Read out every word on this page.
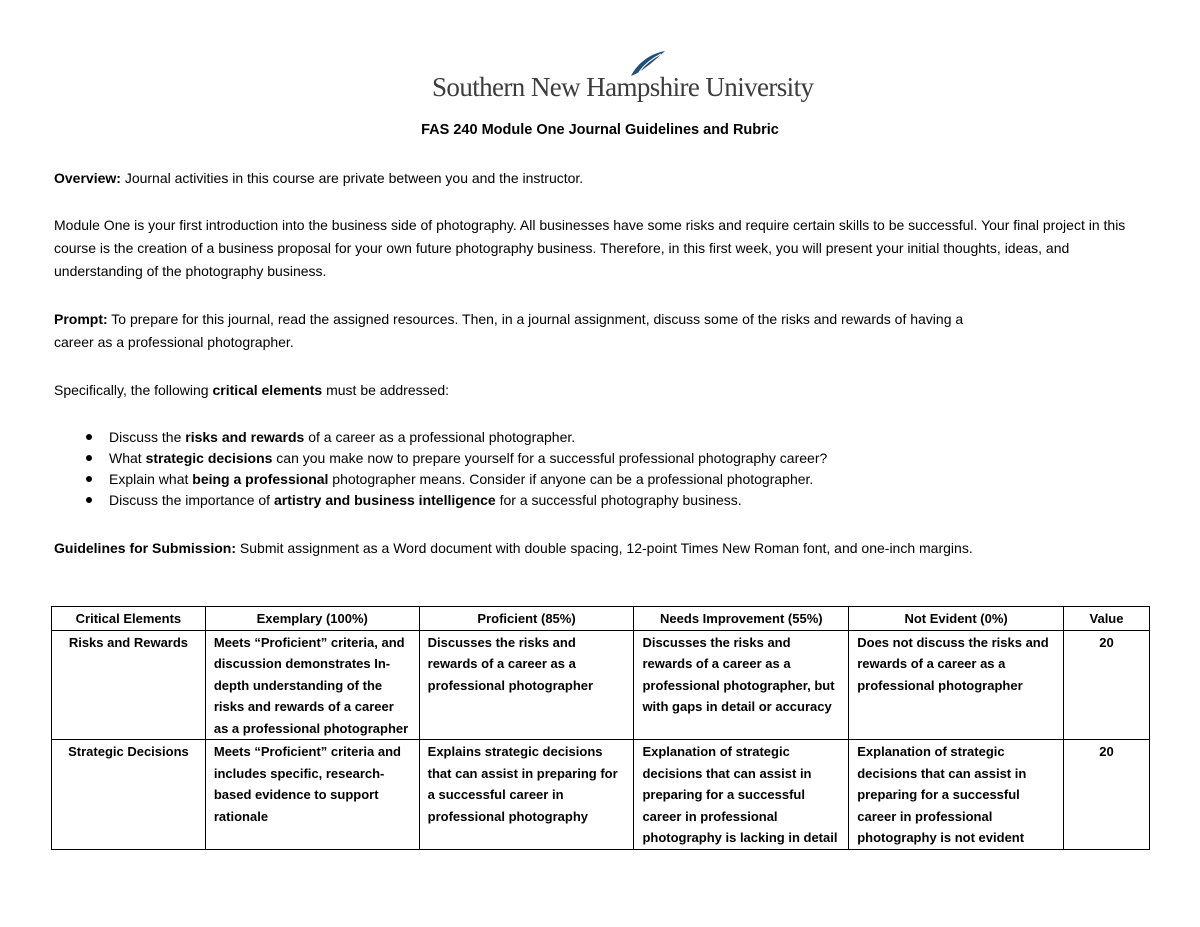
Southern New Hampshire University
FAS 240 Module One Journal Guidelines and Rubric
Overview: Journal activities in this course are private between you and the instructor.
Module One is your first introduction into the business side of photography. All businesses have some risks and require certain skills to be successful. Your final project in this course is the creation of a business proposal for your own future photography business. Therefore, in this first week, you will present your initial thoughts, ideas, and understanding of the photography business.
Prompt: To prepare for this journal, read the assigned resources. Then, in a journal assignment, discuss some of the risks and rewards of having a
career as a professional photographer.
Specifically, the following critical elements must be addressed:
Discuss the risks and rewards of a career as a professional photographer.
What strategic decisions can you make now to prepare yourself for a successful professional photography career?
Explain what being a professional photographer means. Consider if anyone can be a professional photographer.
Discuss the importance of artistry and business intelligence for a successful photography business.
Guidelines for Submission: Submit assignment as a Word document with double spacing, 12-point Times New Roman font, and one-inch margins.
Critical Elements	Exemplary (100%)	Proficient (85%)	Needs Improvement (55%)	Not Evident (0%)	Value
Risks and Rewards	Meets “Proficient” criteria, and discussion demonstrates In-depth understanding of the risks and rewards of a career as a professional photographer	Discusses the risks and rewards of a career as a professional photographer	Discusses the risks and rewards of a career as a professional photographer, but with gaps in detail or accuracy	Does not discuss the risks and rewards of a career as a professional photographer	20
Strategic Decisions	Meets “Proficient” criteria and includes specific, research-based evidence to support rationale	Explains strategic decisions that can assist in preparing for a successful career in professional photography	Explanation of strategic decisions that can assist in preparing for a successful career in professional photography is lacking in detail	Explanation of strategic decisions that can assist in preparing for a successful career in professional photography is not evident	20
